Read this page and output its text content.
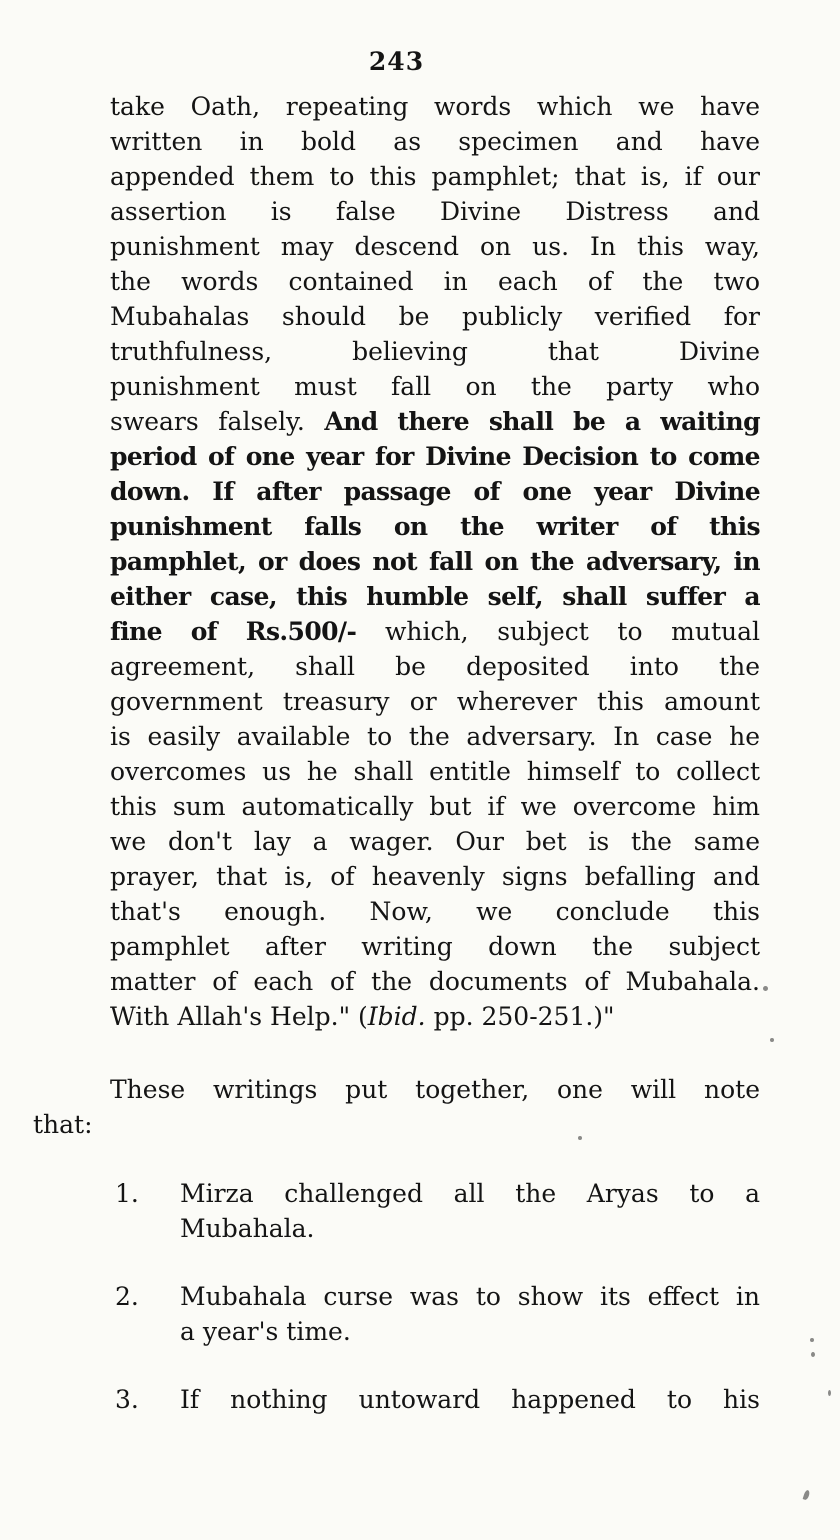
243
take Oath, repeating words which we have
written in bold as specimen and have
appended them to this pamphlet; that is, if our
assertion is false Divine Distress and
punishment may descend on us. In this way,
the words contained in each of the two
Mubahalas should be publicly verified for
truthfulness, believing that Divine
punishment must fall on the party who
swears falsely. And there shall be a waiting
period of one year for Divine Decision to come
down. If after passage of one year Divine
punishment falls on the writer of this
pamphlet, or does not fall on the adversary, in
either case, this humble self, shall suffer a
fine of Rs.500/- which, subject to mutual
agreement, shall be deposited into the
government treasury or wherever this amount
is easily available to the adversary. In case he
overcomes us he shall entitle himself to collect
this sum automatically but if we overcome him
we don't lay a wager. Our bet is the same
prayer, that is, of heavenly signs befalling and
that's enough. Now, we conclude this
pamphlet after writing down the subject
matter of each of the documents of Mubahala.
With Allah's Help." (Ibid. pp. 250-251.)"

These writings put together, one will note
that:

1.	Mirza challenged all the Aryas to a
Mubahala.
2.	Mubahala curse was to show its effect in
a year's time.
3.	If nothing untoward happened to his
